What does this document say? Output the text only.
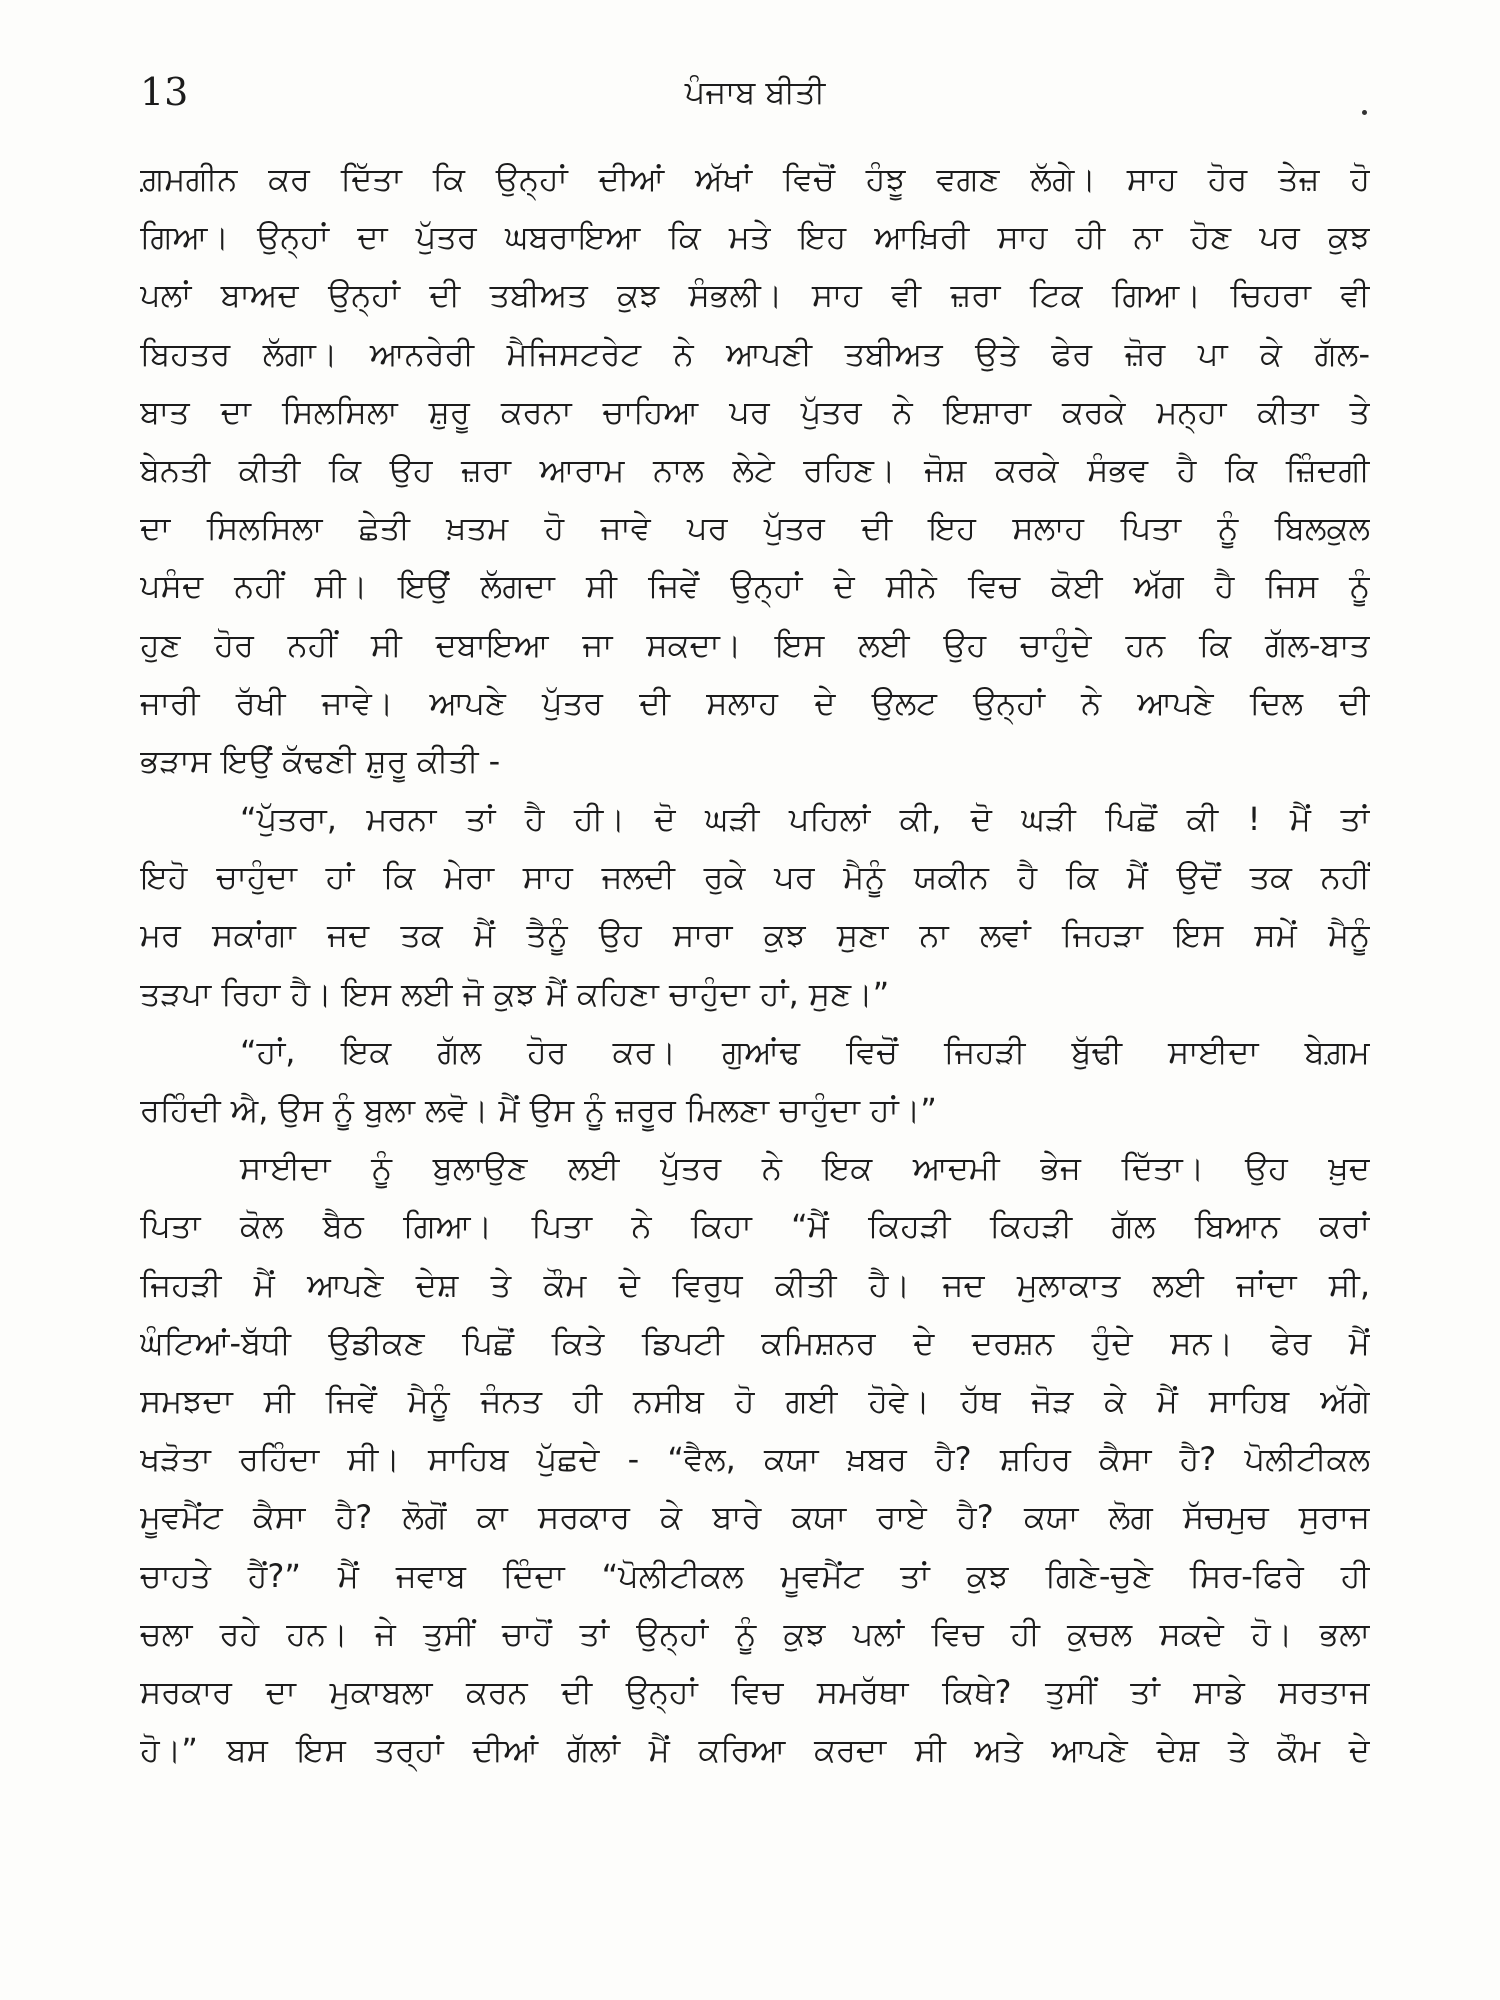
13	ਪੰਜਾਬ ਬੀਤੀ
ਗ਼ਮਗੀਨ ਕਰ ਦਿੱਤਾ ਕਿ ਉਨ੍ਹਾਂ ਦੀਆਂ ਅੱਖਾਂ ਵਿਚੋਂ ਹੰਝੂ ਵਗਣ ਲੱਗੇ। ਸਾਹ ਹੋਰ ਤੇਜ਼ ਹੋ
ਗਿਆ। ਉਨ੍ਹਾਂ ਦਾ ਪੁੱਤਰ ਘਬਰਾਇਆ ਕਿ ਮਤੇ ਇਹ ਆਖ਼ਿਰੀ ਸਾਹ ਹੀ ਨਾ ਹੋਣ ਪਰ ਕੁਝ
ਪਲਾਂ ਬਾਅਦ ਉਨ੍ਹਾਂ ਦੀ ਤਬੀਅਤ ਕੁਝ ਸੰਭਲੀ। ਸਾਹ ਵੀ ਜ਼ਰਾ ਟਿਕ ਗਿਆ। ਚਿਹਰਾ ਵੀ
ਬਿਹਤਰ ਲੱਗਾ। ਆਨਰੇਰੀ ਮੈਜਿਸਟਰੇਟ ਨੇ ਆਪਣੀ ਤਬੀਅਤ ਉਤੇ ਫੇਰ ਜ਼ੋਰ ਪਾ ਕੇ ਗੱਲ-
ਬਾਤ ਦਾ ਸਿਲਸਿਲਾ ਸ਼ੁਰੂ ਕਰਨਾ ਚਾਹਿਆ ਪਰ ਪੁੱਤਰ ਨੇ ਇਸ਼ਾਰਾ ਕਰਕੇ ਮਨ੍ਹਾ ਕੀਤਾ ਤੇ
ਬੇਨਤੀ ਕੀਤੀ ਕਿ ਉਹ ਜ਼ਰਾ ਆਰਾਮ ਨਾਲ ਲੇਟੇ ਰਹਿਣ। ਜੋਸ਼ ਕਰਕੇ ਸੰਭਵ ਹੈ ਕਿ ਜ਼ਿੰਦਗੀ
ਦਾ ਸਿਲਸਿਲਾ ਛੇਤੀ ਖ਼ਤਮ ਹੋ ਜਾਵੇ ਪਰ ਪੁੱਤਰ ਦੀ ਇਹ ਸਲਾਹ ਪਿਤਾ ਨੂੰ ਬਿਲਕੁਲ
ਪਸੰਦ ਨਹੀਂ ਸੀ। ਇਉਂ ਲੱਗਦਾ ਸੀ ਜਿਵੇਂ ਉਨ੍ਹਾਂ ਦੇ ਸੀਨੇ ਵਿਚ ਕੋਈ ਅੱਗ ਹੈ ਜਿਸ ਨੂੰ
ਹੁਣ ਹੋਰ ਨਹੀਂ ਸੀ ਦਬਾਇਆ ਜਾ ਸਕਦਾ। ਇਸ ਲਈ ਉਹ ਚਾਹੁੰਦੇ ਹਨ ਕਿ ਗੱਲ-ਬਾਤ
ਜਾਰੀ ਰੱਖੀ ਜਾਵੇ। ਆਪਣੇ ਪੁੱਤਰ ਦੀ ਸਲਾਹ ਦੇ ਉਲਟ ਉਨ੍ਹਾਂ ਨੇ ਆਪਣੇ ਦਿਲ ਦੀ
ਭੜਾਸ ਇਉਂ ਕੱਢਣੀ ਸ਼ੁਰੂ ਕੀਤੀ -
“ਪੁੱਤਰਾ, ਮਰਨਾ ਤਾਂ ਹੈ ਹੀ। ਦੋ ਘੜੀ ਪਹਿਲਾਂ ਕੀ, ਦੋ ਘੜੀ ਪਿਛੋਂ ਕੀ ! ਮੈਂ ਤਾਂ
ਇਹੋ ਚਾਹੁੰਦਾ ਹਾਂ ਕਿ ਮੇਰਾ ਸਾਹ ਜਲਦੀ ਰੁਕੇ ਪਰ ਮੈਨੂੰ ਯਕੀਨ ਹੈ ਕਿ ਮੈਂ ਉਦੋਂ ਤਕ ਨਹੀਂ
ਮਰ ਸਕਾਂਗਾ ਜਦ ਤਕ ਮੈਂ ਤੈਨੂੰ ਉਹ ਸਾਰਾ ਕੁਝ ਸੁਣਾ ਨਾ ਲਵਾਂ ਜਿਹੜਾ ਇਸ ਸਮੇਂ ਮੈਨੂੰ
ਤੜਪਾ ਰਿਹਾ ਹੈ। ਇਸ ਲਈ ਜੋ ਕੁਝ ਮੈਂ ਕਹਿਣਾ ਚਾਹੁੰਦਾ ਹਾਂ, ਸੁਣ।”
“ਹਾਂ, ਇਕ ਗੱਲ ਹੋਰ ਕਰ। ਗੁਆਂਢ ਵਿਚੋਂ ਜਿਹੜੀ ਬੁੱਢੀ ਸਾਈਦਾ ਬੇਗ਼ਮ
ਰਹਿੰਦੀ ਐ, ਉਸ ਨੂੰ ਬੁਲਾ ਲਵੋ। ਮੈਂ ਉਸ ਨੂੰ ਜ਼ਰੂਰ ਮਿਲਣਾ ਚਾਹੁੰਦਾ ਹਾਂ।”
ਸਾਈਦਾ ਨੂੰ ਬੁਲਾਉਣ ਲਈ ਪੁੱਤਰ ਨੇ ਇਕ ਆਦਮੀ ਭੇਜ ਦਿੱਤਾ। ਉਹ ਖ਼ੁਦ
ਪਿਤਾ ਕੋਲ ਬੈਠ ਗਿਆ। ਪਿਤਾ ਨੇ ਕਿਹਾ “ਮੈਂ ਕਿਹੜੀ ਕਿਹੜੀ ਗੱਲ ਬਿਆਨ ਕਰਾਂ
ਜਿਹੜੀ ਮੈਂ ਆਪਣੇ ਦੇਸ਼ ਤੇ ਕੌਮ ਦੇ ਵਿਰੁਧ ਕੀਤੀ ਹੈ। ਜਦ ਮੁਲਾਕਾਤ ਲਈ ਜਾਂਦਾ ਸੀ,
ਘੰਟਿਆਂ-ਬੱਧੀ ਉਡੀਕਣ ਪਿਛੋਂ ਕਿਤੇ ਡਿਪਟੀ ਕਮਿਸ਼ਨਰ ਦੇ ਦਰਸ਼ਨ ਹੁੰਦੇ ਸਨ। ਫੇਰ ਮੈਂ
ਸਮਝਦਾ ਸੀ ਜਿਵੇਂ ਮੈਨੂੰ ਜੰਨਤ ਹੀ ਨਸੀਬ ਹੋ ਗਈ ਹੋਵੇ। ਹੱਥ ਜੋੜ ਕੇ ਮੈਂ ਸਾਹਿਬ ਅੱਗੇ
ਖੜੋਤਾ ਰਹਿੰਦਾ ਸੀ। ਸਾਹਿਬ ਪੁੱਛਦੇ - “ਵੈਲ, ਕਯਾ ਖ਼ਬਰ ਹੈ? ਸ਼ਹਿਰ ਕੈਸਾ ਹੈ? ਪੋਲੀਟੀਕਲ
ਮੂਵਮੈਂਟ ਕੈਸਾ ਹੈ? ਲੋਗੋਂ ਕਾ ਸਰਕਾਰ ਕੇ ਬਾਰੇ ਕਯਾ ਰਾਏ ਹੈ? ਕਯਾ ਲੋਗ ਸੱਚਮੁਚ ਸੁਰਾਜ
ਚਾਹਤੇ ਹੈਂ?” ਮੈਂ ਜਵਾਬ ਦਿੰਦਾ “ਪੋਲੀਟੀਕਲ ਮੂਵਮੈਂਟ ਤਾਂ ਕੁਝ ਗਿਣੇ-ਚੁਣੇ ਸਿਰ-ਫਿਰੇ ਹੀ
ਚਲਾ ਰਹੇ ਹਨ। ਜੇ ਤੁਸੀਂ ਚਾਹੋਂ ਤਾਂ ਉਨ੍ਹਾਂ ਨੂੰ ਕੁਝ ਪਲਾਂ ਵਿਚ ਹੀ ਕੁਚਲ ਸਕਦੇ ਹੋ। ਭਲਾ
ਸਰਕਾਰ ਦਾ ਮੁਕਾਬਲਾ ਕਰਨ ਦੀ ਉਨ੍ਹਾਂ ਵਿਚ ਸਮਰੱਥਾ ਕਿਥੇ? ਤੁਸੀਂ ਤਾਂ ਸਾਡੇ ਸਰਤਾਜ
ਹੋ।” ਬਸ ਇਸ ਤਰ੍ਹਾਂ ਦੀਆਂ ਗੱਲਾਂ ਮੈਂ ਕਰਿਆ ਕਰਦਾ ਸੀ ਅਤੇ ਆਪਣੇ ਦੇਸ਼ ਤੇ ਕੌਮ ਦੇ
